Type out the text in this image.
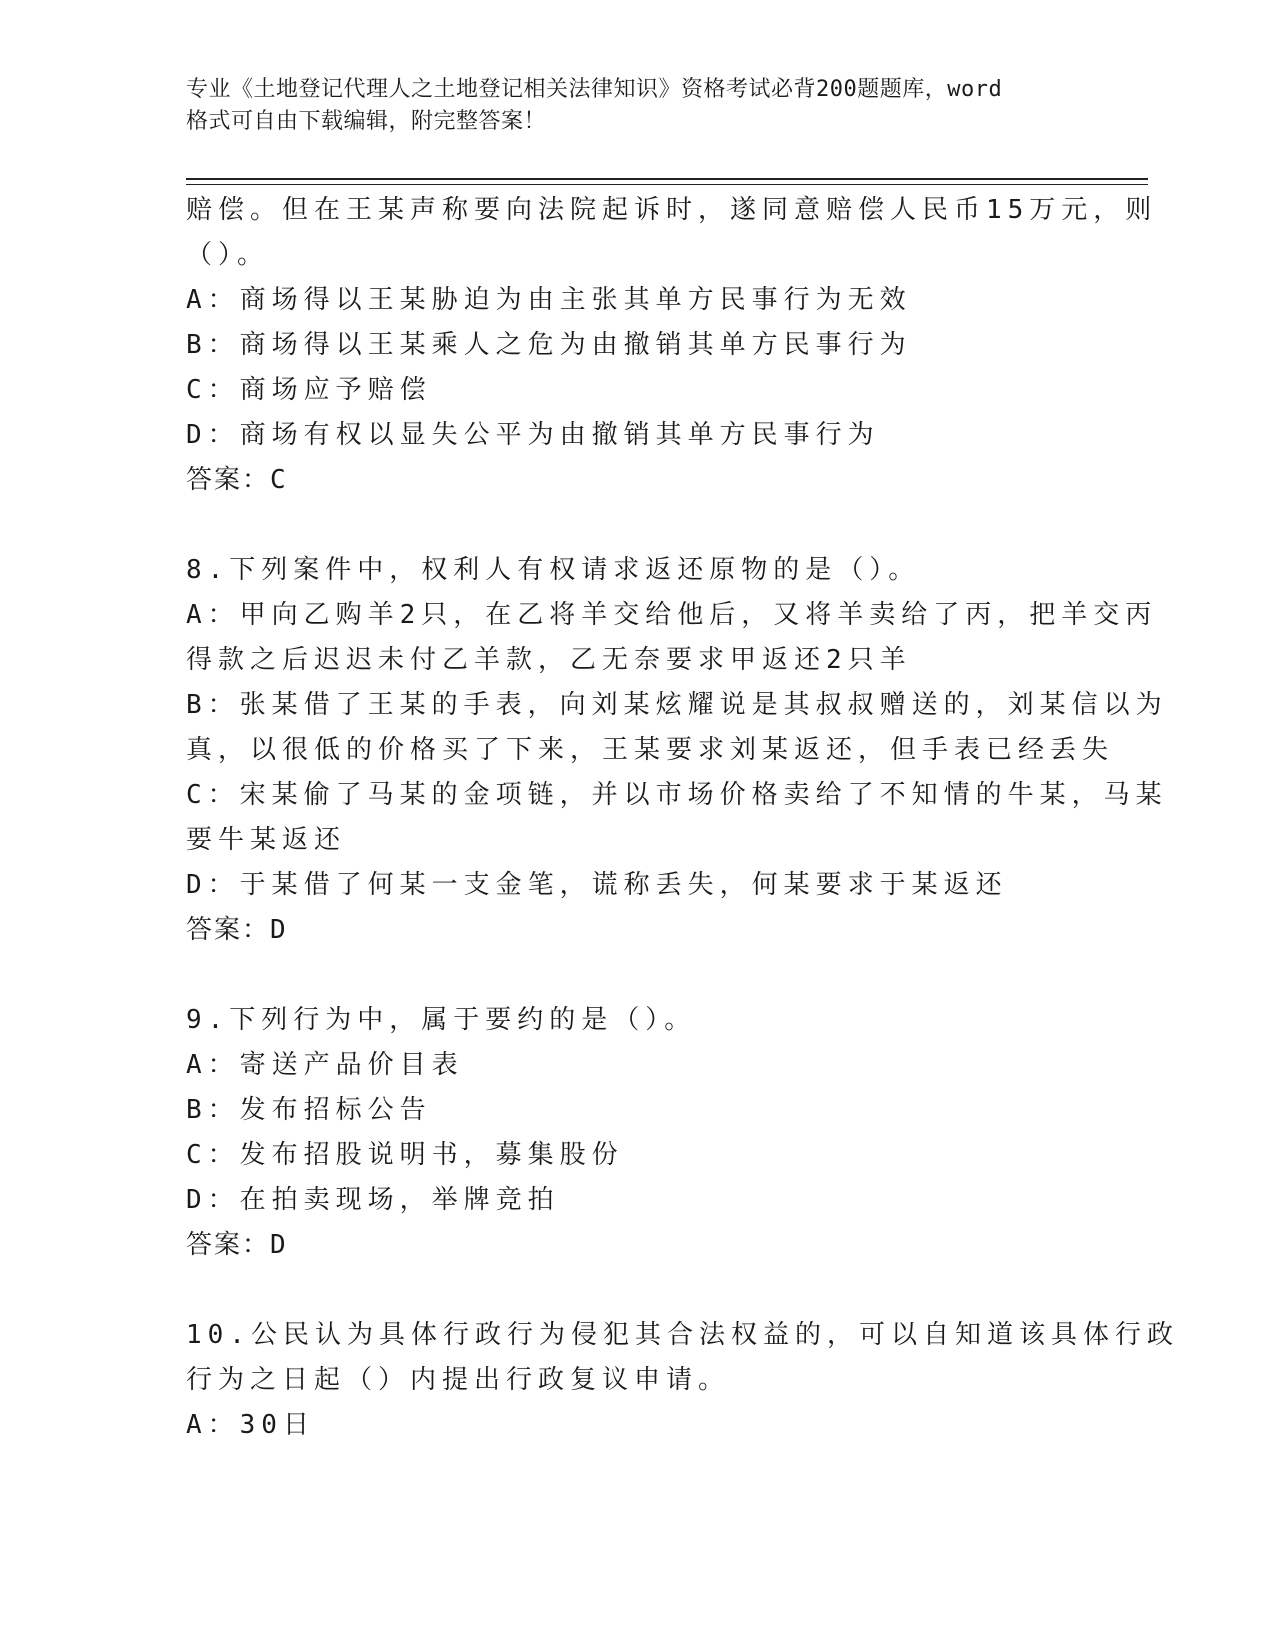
专业《土地登记代理人之土地登记相关法律知识》资格考试必背200题题库，word
格式可自由下载编辑，附完整答案！
赔偿。但在王某声称要向法院起诉时，遂同意赔偿人民币15万元，则
（）。
A：商场得以王某胁迫为由主张其单方民事行为无效
B：商场得以王某乘人之危为由撤销其单方民事行为
C：商场应予赔偿
D：商场有权以显失公平为由撤销其单方民事行为
答案：C
8.下列案件中，权利人有权请求返还原物的是（）。
A：甲向乙购羊2只，在乙将羊交给他后，又将羊卖给了丙，把羊交丙
得款之后迟迟未付乙羊款，乙无奈要求甲返还2只羊
B：张某借了王某的手表，向刘某炫耀说是其叔叔赠送的，刘某信以为
真，以很低的价格买了下来，王某要求刘某返还，但手表已经丢失
C：宋某偷了马某的金项链，并以市场价格卖给了不知情的牛某，马某
要牛某返还
D：于某借了何某一支金笔，谎称丢失，何某要求于某返还
答案：D
9.下列行为中，属于要约的是（）。
A：寄送产品价目表
B：发布招标公告
C：发布招股说明书，募集股份
D：在拍卖现场，举牌竞拍
答案：D
10.公民认为具体行政行为侵犯其合法权益的，可以自知道该具体行政
行为之日起（）内提出行政复议申请。
A：30日
